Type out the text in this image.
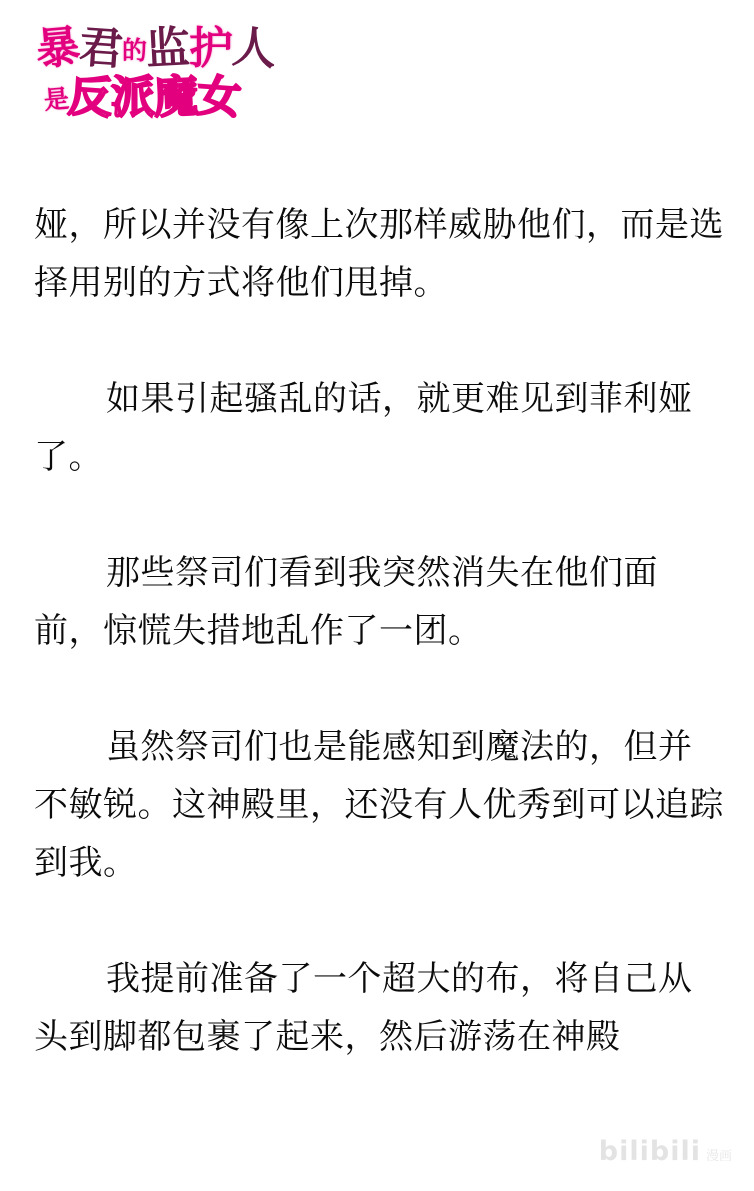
暴君的监护人
是反派魔女

娅，所以并没有像上次那样威胁他们，而是选择用别的方式将他们甩掉。

如果引起骚乱的话，就更难见到菲利娅了。

那些祭司们看到我突然消失在他们面前，惊慌失措地乱作了一团。

虽然祭司们也是能感知到魔法的，但并不敏锐。这神殿里，还没有人优秀到可以追踪到我。

我提前准备了一个超大的布，将自己从头到脚都包裹了起来，然后游荡在神殿

bilibili 漫画
